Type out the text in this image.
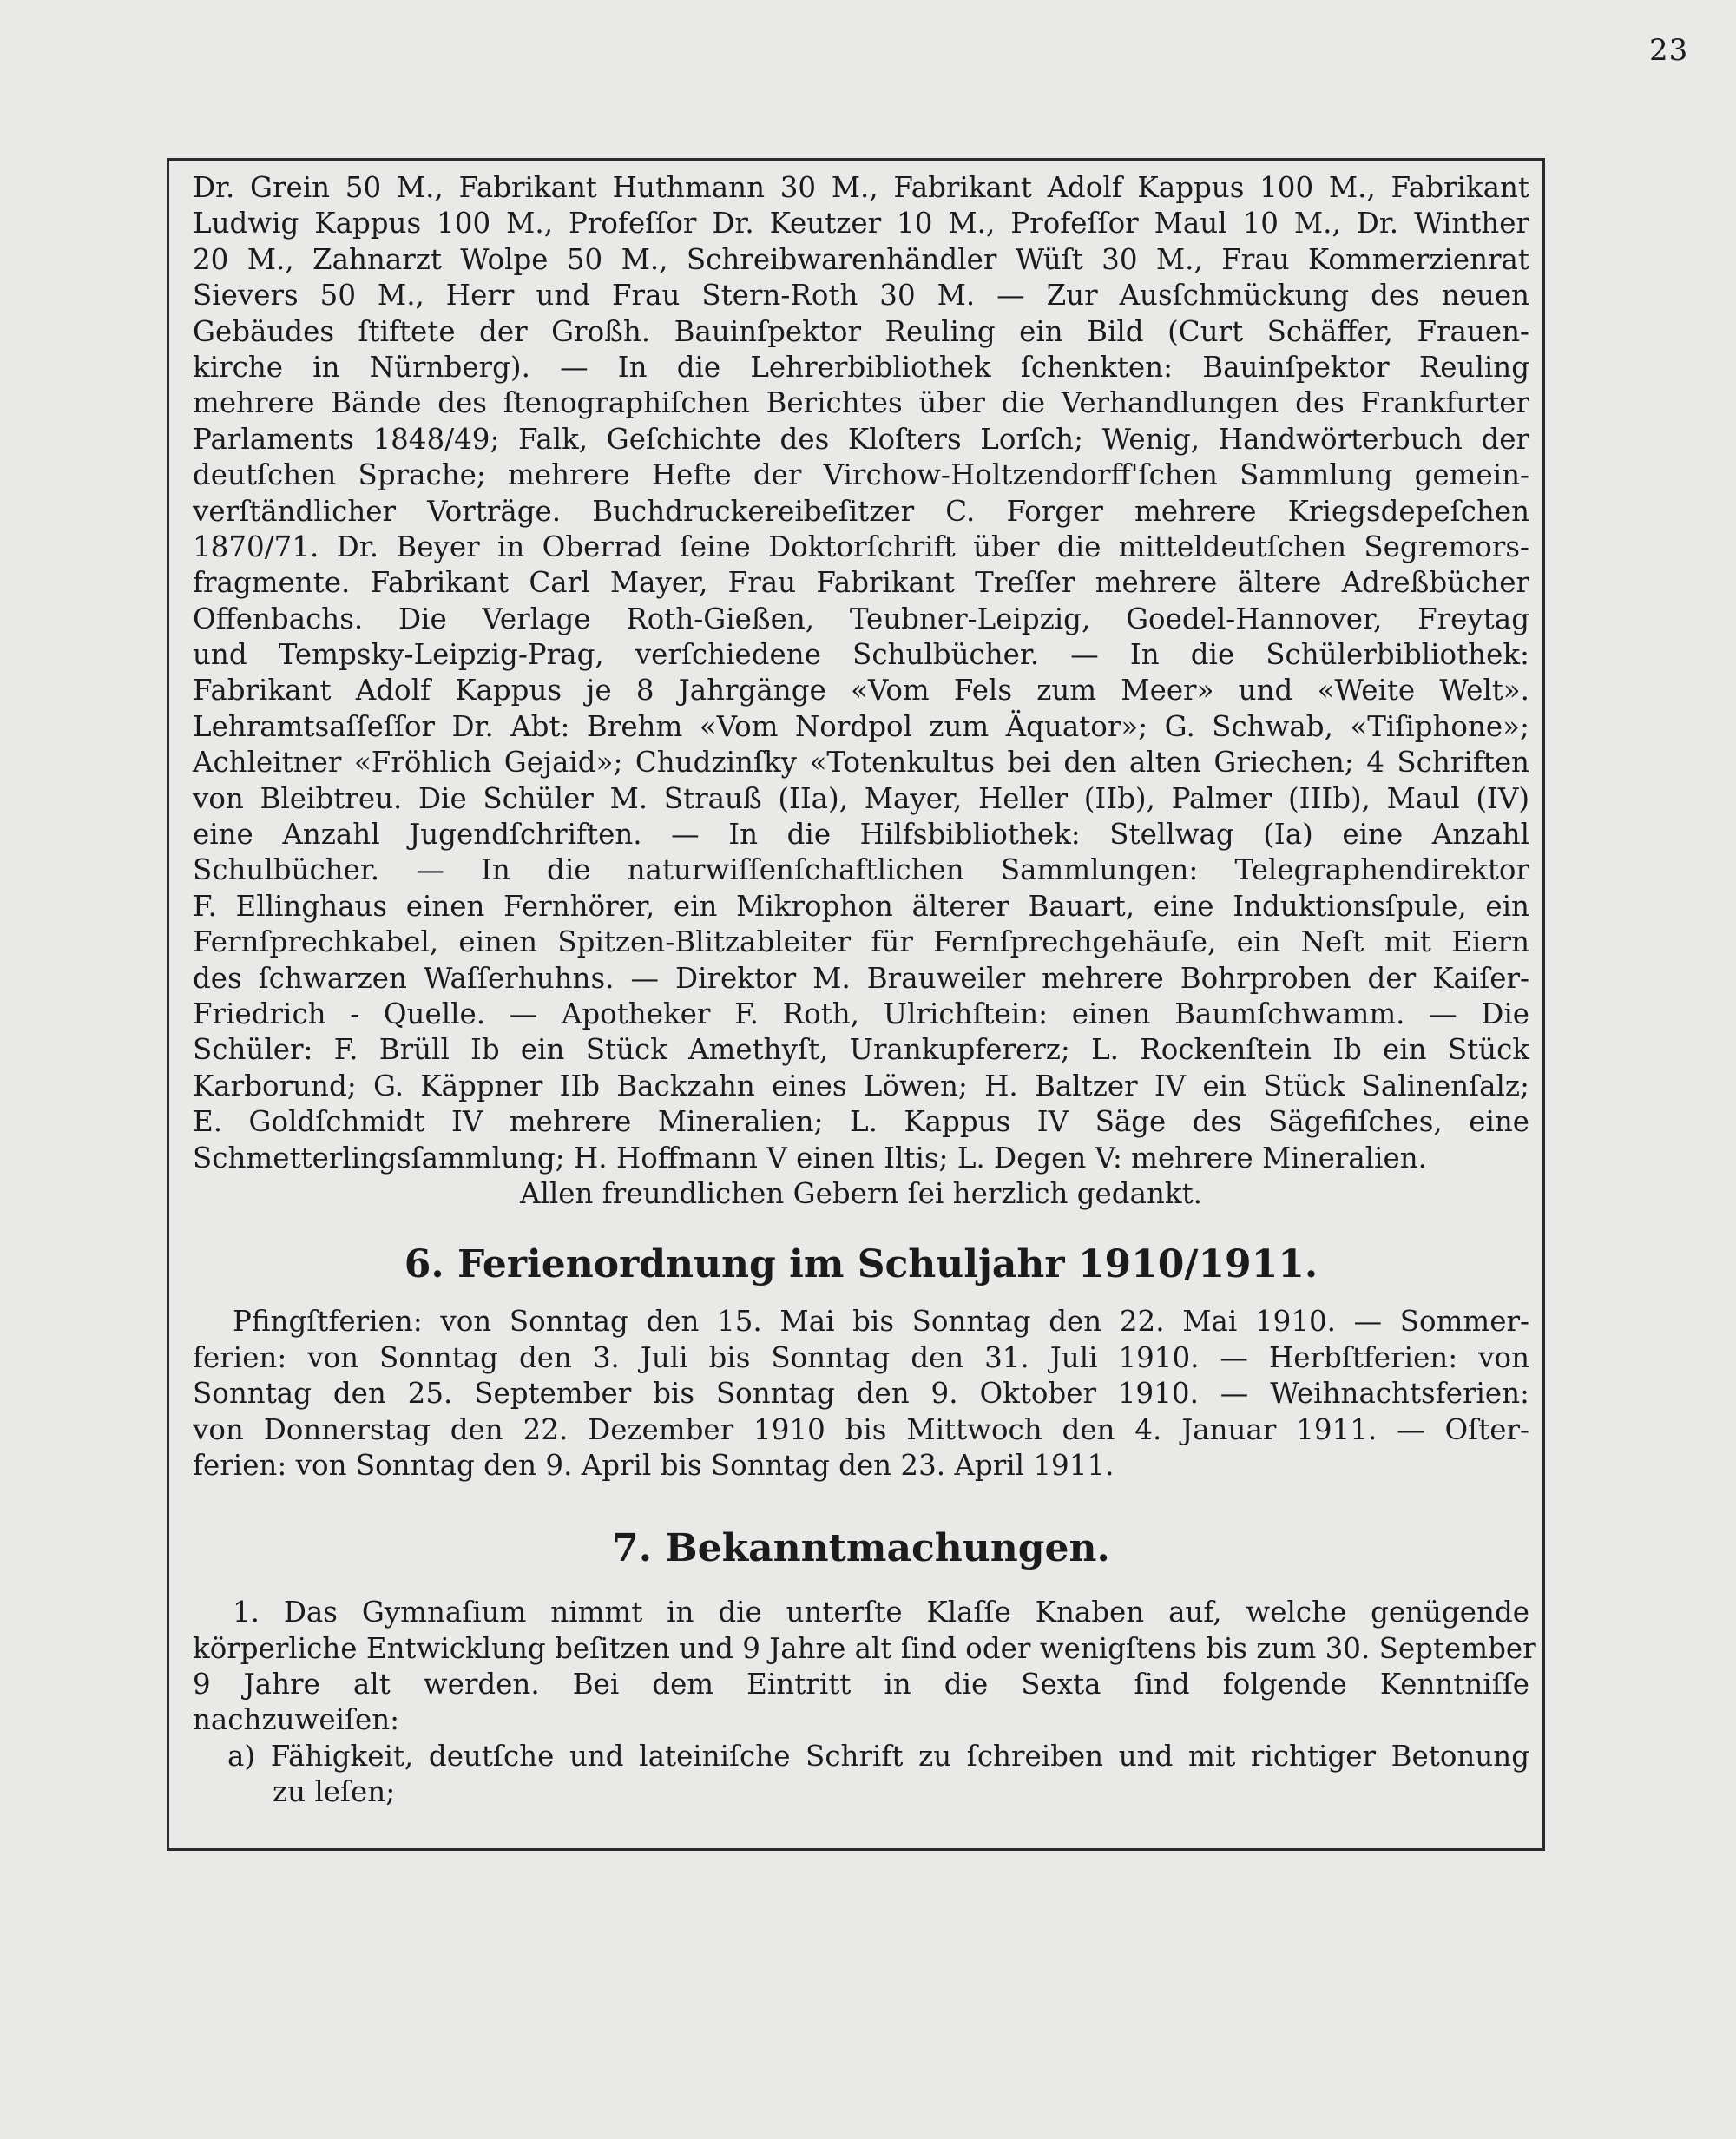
23
Dr. Grein 50 M., Fabrikant Huthmann 30 M., Fabrikant Adolf Kappus 100 M., Fabrikant
Ludwig Kappus 100 M., Profeſſor Dr. Keutzer 10 M., Profeſſor Maul 10 M., Dr. Winther
20 M., Zahnarzt Wolpe 50 M., Schreibwarenhändler Wüſt 30 M., Frau Kommerzienrat
Sievers 50 M., Herr und Frau Stern-Roth 30 M. — Zur Ausſchmückung des neuen
Gebäudes ſtiftete der Großh. Bauinſpektor Reuling ein Bild (Curt Schäffer, Frauen-
kirche in Nürnberg). — In die Lehrerbibliothek ſchenkten: Bauinſpektor Reuling
mehrere Bände des ſtenographiſchen Berichtes über die Verhandlungen des Frankfurter
Parlaments 1848/49; Falk, Geſchichte des Kloſters Lorſch; Wenig, Handwörterbuch der
deutſchen Sprache; mehrere Hefte der Virchow-Holtzendorff'ſchen Sammlung gemein-
verſtändlicher Vorträge. Buchdruckereibeſitzer C. Forger mehrere Kriegsdepeſchen
1870/71. Dr. Beyer in Oberrad ſeine Doktorſchrift über die mitteldeutſchen Segremors-
fragmente. Fabrikant Carl Mayer, Frau Fabrikant Treſſer mehrere ältere Adreßbücher
Offenbachs. Die Verlage Roth-Gießen, Teubner-Leipzig, Goedel-Hannover, Freytag
und Tempsky-Leipzig-Prag, verſchiedene Schulbücher. — In die Schülerbibliothek:
Fabrikant Adolf Kappus je 8 Jahrgänge «Vom Fels zum Meer» und «Weite Welt».
Lehramtsaſſeſſor Dr. Abt: Brehm «Vom Nordpol zum Äquator»; G. Schwab, «Tiſiphone»;
Achleitner «Fröhlich Gejaid»; Chudzinſky «Totenkultus bei den alten Griechen; 4 Schriften
von Bleibtreu. Die Schüler M. Strauß (IIa), Mayer, Heller (IIb), Palmer (IIIb), Maul (IV)
eine Anzahl Jugendſchriften. — In die Hilfsbibliothek: Stellwag (Ia) eine Anzahl
Schulbücher. — In die naturwiſſenſchaftlichen Sammlungen: Telegraphendirektor
F. Ellinghaus einen Fernhörer, ein Mikrophon älterer Bauart, eine Induktionsſpule, ein
Fernſprechkabel, einen Spitzen-Blitzableiter für Fernſprechgehäuſe, ein Neſt mit Eiern
des ſchwarzen Waſſerhuhns. — Direktor M. Brauweiler mehrere Bohrproben der Kaiſer-
Friedrich - Quelle. — Apotheker F. Roth, Ulrichſtein: einen Baumſchwamm. — Die
Schüler: F. Brüll Ib ein Stück Amethyſt, Urankupfererz; L. Rockenſtein Ib ein Stück
Karborund; G. Käppner IIb Backzahn eines Löwen; H. Baltzer IV ein Stück Salinenſalz;
E. Goldſchmidt IV mehrere Mineralien; L. Kappus IV Säge des Sägefiſches, eine
Schmetterlingsſammlung; H. Hoffmann V einen Iltis; L. Degen V: mehrere Mineralien.
Allen freundlichen Gebern ſei herzlich gedankt.
6. Ferienordnung im Schuljahr 1910/1911.
Pfingſtferien: von Sonntag den 15. Mai bis Sonntag den 22. Mai 1910. — Sommer-
ferien: von Sonntag den 3. Juli bis Sonntag den 31. Juli 1910. — Herbſtferien: von
Sonntag den 25. September bis Sonntag den 9. Oktober 1910. — Weihnachtsferien:
von Donnerstag den 22. Dezember 1910 bis Mittwoch den 4. Januar 1911. — Oſter-
ferien: von Sonntag den 9. April bis Sonntag den 23. April 1911.
7. Bekanntmachungen.
1. Das Gymnaſium nimmt in die unterſte Klaſſe Knaben auf, welche genügende
körperliche Entwicklung beſitzen und 9 Jahre alt ſind oder wenigſtens bis zum 30. September
9 Jahre alt werden. Bei dem Eintritt in die Sexta ſind folgende Kenntniſſe
nachzuweiſen:
a) Fähigkeit, deutſche und lateiniſche Schrift zu ſchreiben und mit richtiger Betonung
zu leſen;
